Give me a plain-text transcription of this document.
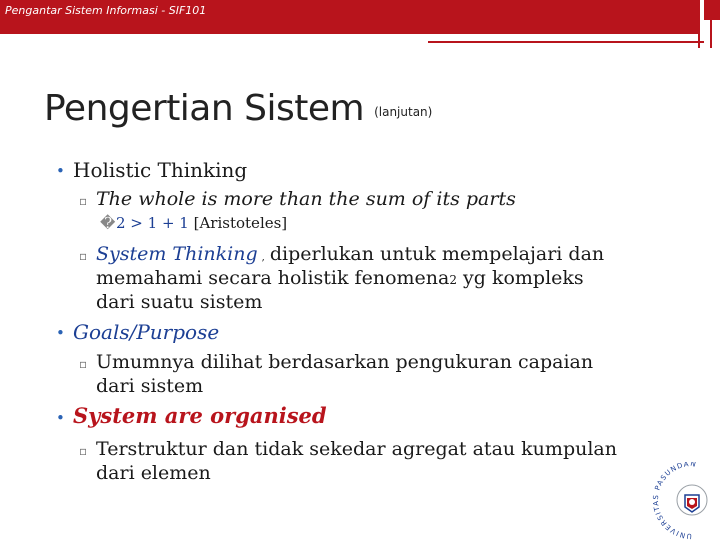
Pengantar Sistem Informasi - SIF101
Pengertian Sistem $^{(lanjutan)}$
• Holistic Thinking
▫ The whole is more than the sum of its parts
� 2 > 1 + 1 [Aristoteles]
▫ System Thinking , diperlukan untuk mempelajari dan
memahami secara holistik fenomena2 yg kompleks
dari suatu sistem
• Goals/Purpose
▫ Umumnya dilihat berdasarkan pengukuran capaian
dari sistem
• System are organised
▫ Terstruktur dan tidak sekedar agregat atau kumpulan
dari elemen
UNIVERSITAS PASUNDAN
